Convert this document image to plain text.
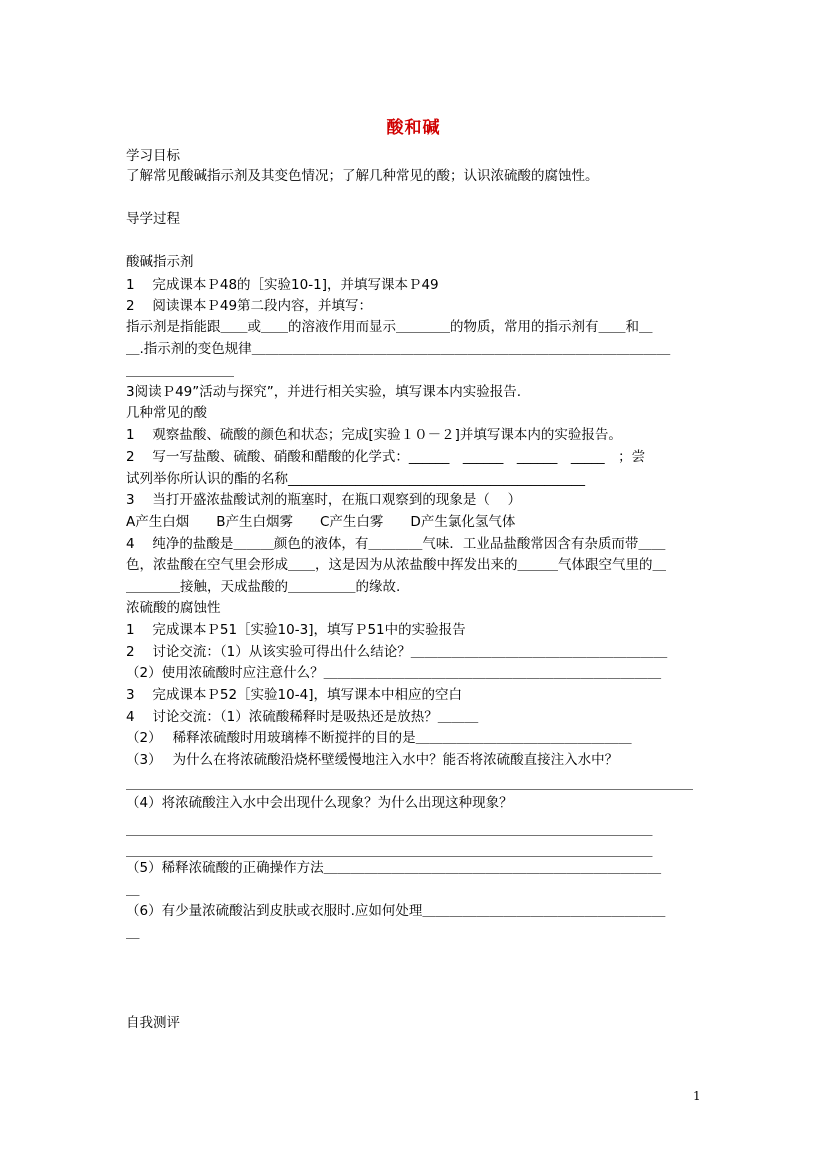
酸和碱
学习目标
了解常见酸碱指示剂及其变色情况；了解几种常见的酸；认识浓硫酸的腐蚀性。
导学过程
酸碱指示剂
1　 完成课本Ｐ48的［实验10-1]，并填写课本Ｐ49
2　 阅读课本Ｐ49第二段内容，并填写：
指示剂是指能跟＿＿或＿＿的溶液作用而显示＿＿＿＿的物质，常用的指示剂有＿＿和＿
＿.指示剂的变色规律＿＿＿＿＿＿＿＿＿＿＿＿＿＿＿＿＿＿＿＿＿＿＿＿＿＿＿＿＿＿＿
＿＿＿＿＿＿＿＿
3阅读Ｐ49”活动与探究”，并进行相关实验，填写课本内实验报告.
几种常见的酸
1　 观察盐酸、硫酸的颜色和状态；完成[实验１０－２]并填写课本内的实验报告。
2　 写一写盐酸、硫酸、硝酸和醋酸的化学式：______　______　______　_____　；尝
试列举你所认识的酯的名称____________________________________________
3　 当打开盛浓盐酸试剂的瓶塞时，在瓶口观察到的现象是（　 ）
A产生白烟　　B产生白烟雾　　C产生白雾　　D产生氯化氢气体
4　 纯净的盐酸是＿＿＿颜色的液体，有＿＿＿＿气味．工业品盐酸常因含有杂质而带＿＿
色，浓盐酸在空气里会形成＿＿，这是因为从浓盐酸中挥发出来的＿＿＿气体跟空气里的＿
＿＿＿＿接触，天成盐酸的＿＿＿＿＿的缘故.
浓硫酸的腐蚀性
1　 完成课本Ｐ51［实验10-3]，填写Ｐ51中的实验报告
2　 讨论交流：（1）从该实验可得出什么结论？＿＿＿＿＿＿＿＿＿＿＿＿＿＿＿＿＿＿＿
（2）使用浓硫酸时应注意什么？＿＿＿＿＿＿＿＿＿＿＿＿＿＿＿＿＿＿＿＿＿＿＿＿＿
3　 完成课本Ｐ52［实验10-4]，填写课本中相应的空白
4　 讨论交流：（1）浓硫酸稀释时是吸热还是放热？＿＿＿
（2）　 稀释浓硫酸时用玻璃棒不断搅拌的目的是＿＿＿＿＿＿＿＿＿＿＿＿＿＿＿＿
（3）　 为什么在将浓硫酸沿烧杯壁缓慢地注入水中？能否将浓硫酸直接注入水中？
＿＿＿＿＿＿＿＿＿＿＿＿＿＿＿＿＿＿＿＿＿＿＿＿＿＿＿＿＿＿＿＿＿＿＿＿＿＿＿＿＿＿
（4）将浓硫酸注入水中会出现什么现象？为什么出现这种现象？
＿＿＿＿＿＿＿＿＿＿＿＿＿＿＿＿＿＿＿＿＿＿＿＿＿＿＿＿＿＿＿＿＿＿＿＿＿＿＿
＿＿＿＿＿＿＿＿＿＿＿＿＿＿＿＿＿＿＿＿＿＿＿＿＿＿＿＿＿＿＿＿＿＿＿＿＿＿＿
（5）稀释浓硫酸的正确操作方法＿＿＿＿＿＿＿＿＿＿＿＿＿＿＿＿＿＿＿＿＿＿＿＿＿
＿
（6）有少量浓硫酸沾到皮肤或衣服时.应如何处理＿＿＿＿＿＿＿＿＿＿＿＿＿＿＿＿＿＿
＿
自我测评
1
